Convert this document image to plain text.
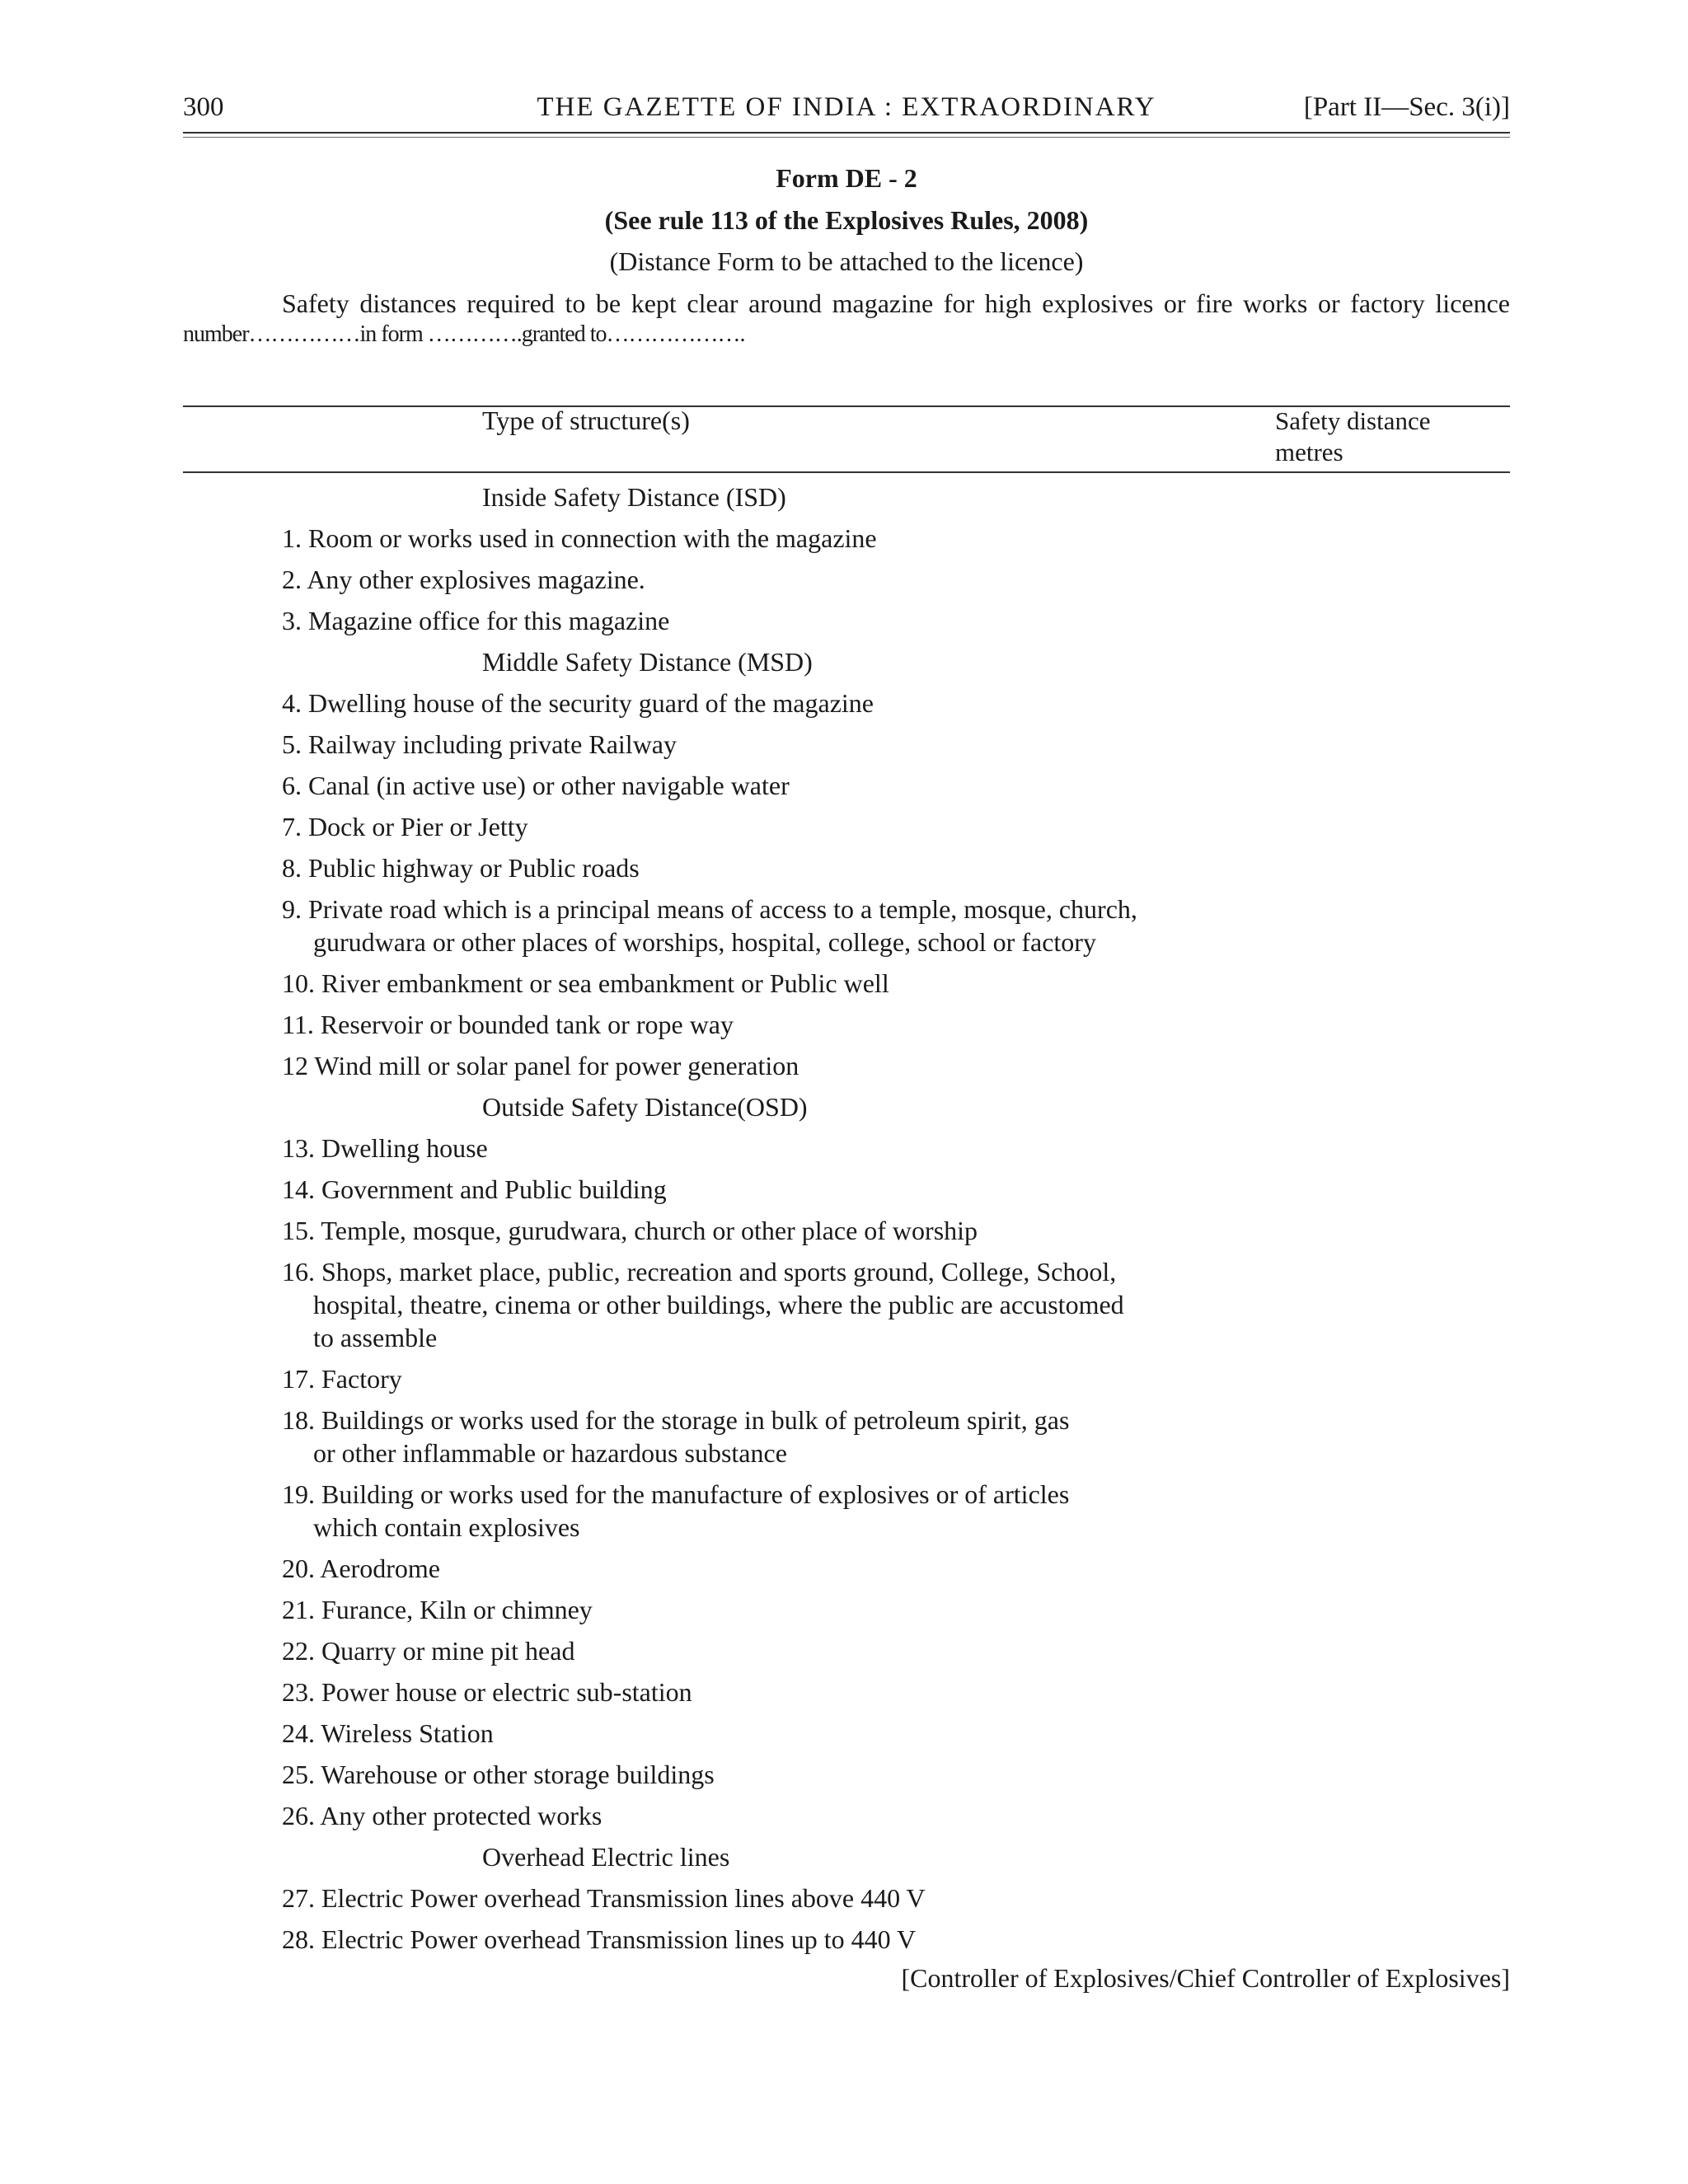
300	THE GAZETTE OF INDIA : EXTRAORDINARY	[Part II—Sec. 3(i)]
Form DE - 2
(See rule 113 of the Explosives Rules, 2008)
(Distance Form to be attached to the licence)
Safety distances required to be kept clear around magazine for high explosives or fire works or factory licence
number……………in form ………….granted to……………….
Type of structure(s)	Safety distance metres
Inside Safety Distance (ISD)
1. Room or works used in connection with the magazine
2. Any other explosives magazine.
3. Magazine office for this magazine
Middle Safety Distance (MSD)
4. Dwelling house of the security guard of the magazine
5. Railway including private Railway
6. Canal (in active use) or other navigable water
7. Dock or Pier or Jetty
8. Public highway or Public roads
9. Private road which is a principal means of access to a temple, mosque, church,
gurudwara or other places of worships, hospital, college, school or factory
10. River embankment or sea embankment or Public well
11. Reservoir or bounded tank or rope way
12 Wind mill or solar panel for power generation
Outside Safety Distance(OSD)
13. Dwelling house
14. Government and Public building
15. Temple, mosque, gurudwara, church or other place of worship
16. Shops, market place, public, recreation and sports ground, College, School,
hospital, theatre, cinema or other buildings, where the public are accustomed
to assemble
17. Factory
18. Buildings or works used for the storage in bulk of petroleum spirit, gas
or other inflammable or hazardous substance
19. Building or works used for the manufacture of explosives or of articles
which contain explosives
20. Aerodrome
21. Furance, Kiln or chimney
22. Quarry or mine pit head
23. Power house or electric sub-station
24. Wireless Station
25. Warehouse or other storage buildings
26. Any other protected works
Overhead Electric lines
27. Electric Power overhead Transmission lines above 440 V
28. Electric Power overhead Transmission lines up to 440 V
[Controller of Explosives/Chief Controller of Explosives]
